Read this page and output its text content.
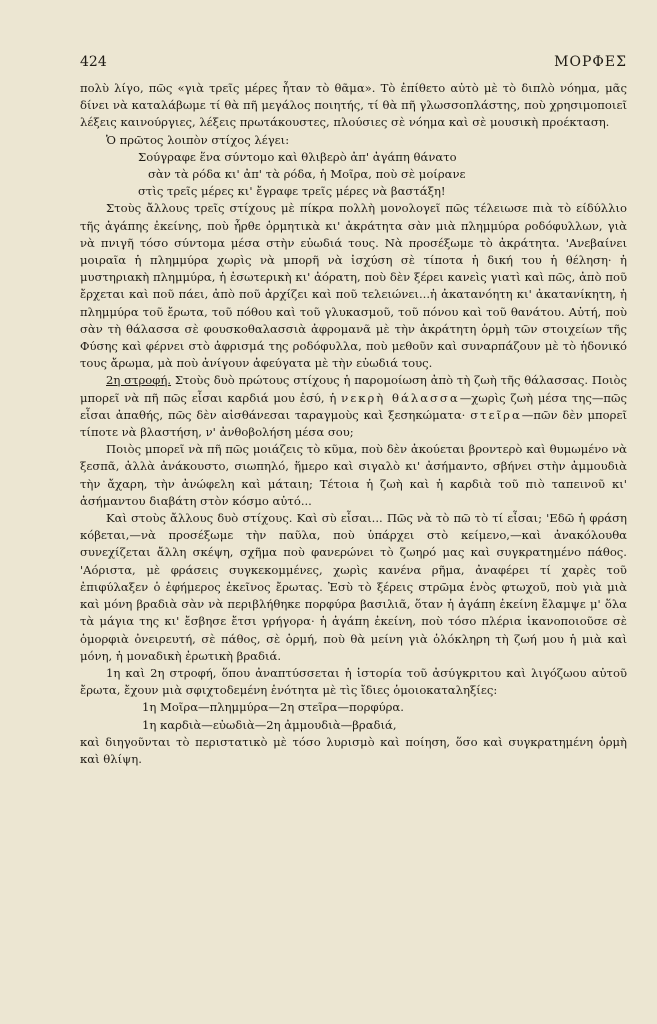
424	ΜΟΡΦΕΣ

πολὺ λίγο, πῶς «γιὰ τρεῖς μέρες ἦταν τὸ θᾶμα». Τὸ ἐπίθετο αὐτὸ μὲ τὸ διπλὸ νόημα, μᾶς δίνει νὰ καταλάβωμε τί θὰ πῆ μεγάλος ποιητής, τί θὰ πῆ γλωσσοπλάστης, ποὺ χρησιμοποιεῖ λέξεις καινούργιες, λέξεις πρωτάκουστες, πλούσιες σὲ νόημα καὶ σὲ μουσικὴ προέκταση.

Ὁ πρῶτος λοιπὸν στίχος λέγει:

Σούγραφε ἕνα σύντομο καὶ θλιβερὸ ἀπ' ἀγάπη θάνατο
σὰν τὰ ρόδα κι' ἀπ' τὰ ρόδα, ἡ Μοῖρα, ποὺ σὲ μοίρανε
στὶς τρεῖς μέρες κι' ἔγραφε τρεῖς μέρες νὰ βαστάξη!

Στοὺς ἄλλους τρεῖς στίχους μὲ πίκρα πολλὴ μονολογεῖ πῶς τέλειωσε πιὰ τὸ είδύλλιο τῆς ἀγάπης ἐκείνης, ποὺ ἦρθε ὁρμητικὰ κι' ἀκράτητα σὰν μιὰ πλημμύρα ροδόφυλλων, γιὰ νὰ πνιγῆ τόσο σύντομα μέσα στὴν εὐωδιά τους. Νὰ προσέξωμε τὸ ἀκράτητα. 'Ανεβαίνει μοιραῖα ἡ πλημμύρα χωρὶς νὰ μπορῆ νὰ ἰσχύση σὲ τίποτα ἡ δική του ἡ θέληση· ἡ μυστηριακὴ πλημμύρα, ἡ ἐσωτερικὴ κι' ἀόρατη, ποὺ δὲν ξέρει κανεὶς γιατὶ καὶ πῶς, ἀπὸ ποῦ ἔρχεται καὶ ποῦ πάει, ἀπὸ ποῦ ἀρχίζει καὶ ποῦ τελειώνει...ἡ ἀκατανόητη κι' ἀκατανίκητη, ἡ πλημμύρα τοῦ ἔρωτα, τοῦ πόθου καὶ τοῦ γλυκασμοῦ, τοῦ πόνου καὶ τοῦ θανάτου. Αὐτή, ποὺ σὰν τὴ θάλασσα σὲ φουσκοθαλασσιὰ ἀφρομανᾶ μὲ τὴν ἀκράτητη ὁρμὴ τῶν στοιχείων τῆς Φύσης καὶ φέρνει στὸ ἀφρισμά της ροδόφυλλα, ποὺ μεθοῦν καὶ συναρπάζουν μὲ τὸ ἡδονικό τους ἄρωμα, μὰ ποὺ ἀνίγουν ἀφεύγατα μὲ τὴν εὐωδιά τους.

2η στροφή. Στοὺς δυὸ πρώτους στίχους ἡ παρομοίωση ἀπὸ τὴ ζωὴ τῆς θάλασσας. Ποιὸς μπορεῖ νὰ πῆ πῶς εἶσαι καρδιά μου ἐσύ, ἡ νεκρὴ θάλασσα—χωρὶς ζωὴ μέσα της—πῶς εἶσαι ἀπαθής, πῶς δὲν αἰσθάνεσαι ταραγμοὺς καὶ ξεσηκώματα· στεῖρα—πῶν δὲν μπορεῖ τίποτε νὰ βλαστήση, ν' ἀνθοβολήση μέσα σου;

Ποιὸς μπορεῖ νὰ πῆ πῶς μοιάζεις τὸ κῦμα, ποὺ δὲν ἀκούεται βροντερὸ καὶ θυμωμένο νὰ ξεσπᾶ, ἀλλὰ ἀνάκουστο, σιωπηλό, ἥμερο καὶ σιγαλὸ κι' ἀσήμαντο, σβήνει στὴν ἀμμουδιὰ τὴν ἄχαρη, τὴν ἀνώφελη καὶ μάταιη; Τέτοια ἡ ζωὴ καὶ ἡ καρδιὰ τοῦ πιὸ ταπεινοῦ κι' ἀσήμαντου διαβάτη στὸν κόσμο αὐτό...

Καὶ στοὺς ἄλλους δυὸ στίχους. Καὶ σὺ εἶσαι... Πῶς νὰ τὸ πῶ τὸ τί εἶσαι; 'Εδῶ ἡ φράση κόβεται,—νὰ προσέξωμε τὴν παῦλα, ποὺ ὑπάρχει στὸ κείμενο,—καὶ ἀνακόλουθα συνεχίζεται ἄλλη σκέψη, σχῆμα ποὺ φανερώνει τὸ ζωηρό μας καὶ συγκρατημένο πάθος. 'Αόριστα, μὲ φράσεις συγκεκομμένες, χωρὶς κανένα ρῆμα, ἀναφέρει τί χαρὲς τοῦ ἐπιφύλαξεν ὁ ἐφήμερος ἐκεῖνος ἔρωτας. Ἐσὺ τὸ ξέρεις στρῶμα ἑνὸς φτωχοῦ, ποὺ γιὰ μιὰ καὶ μόνη βραδιὰ σὰν νὰ περιβλήθηκε πορφύρα βασιλιᾶ, ὅταν ἡ ἀγάπη ἐκείνη ἔλαμψε μ' ὅλα τὰ μάγια της κι' ἔσβησε ἔτσι γρήγορα· ἡ ἀγάπη ἐκείνη, ποὺ τόσο πλέρια ἱκανοποιοῦσε σὲ ὁμορφιὰ ὀνειρευτή, σὲ πάθος, σὲ ὁρμή, ποὺ θὰ μείνη γιὰ ὁλόκληρη τὴ ζωή μου ἡ μιὰ καὶ μόνη, ἡ μοναδικὴ ἐρωτικὴ βραδιά.

1η καὶ 2η στροφή, ὅπου ἀναπτύσσεται ἡ ἱστορία τοῦ ἀσύγκριτου καὶ λιγόζωου αὐτοῦ ἔρωτα, ἔχουν μιὰ σφιχτοδεμένη ἑνότητα μὲ τὶς ἴδιες ὁμοιοκαταληξίες:

1η Μοῖρα—πλημμύρα—2η στεῖρα—πορφύρα.
1η καρδιὰ—εὐωδιὰ—2η ἀμμουδιὰ—βραδιά,

καὶ διηγοῦνται τὸ περιστατικὸ μὲ τόσο λυρισμὸ καὶ ποίηση, ὅσο καὶ συγκρατημένη ὁρμὴ καὶ θλίψη.
